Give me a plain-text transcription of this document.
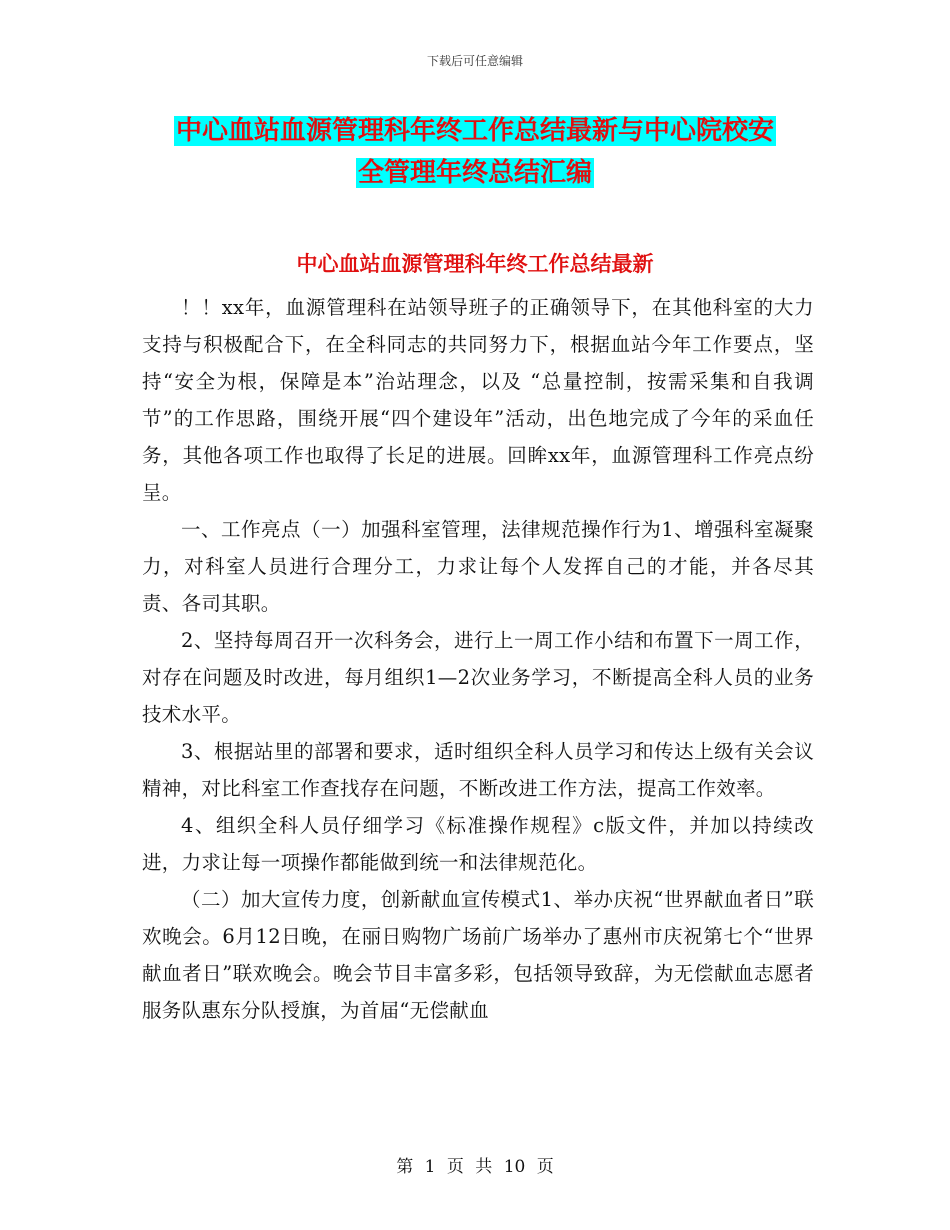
下载后可任意编辑
中心血站血源管理科年终工作总结最新与中心院校安
全管理年终总结汇编
中心血站血源管理科年终工作总结最新

！！xx年，血源管理科在站领导班子的正确领导下，在其他科室的大力支持与积极配合下，在全科同志的共同努力下，根据血站今年工作要点，坚持“安全为根，保障是本”治站理念，以及 “总量控制，按需采集和自我调节”的工作思路，围绕开展“四个建设年”活动，出色地完成了今年的采血任务，其他各项工作也取得了长足的进展。回眸xx年，血源管理科工作亮点纷呈。

一、工作亮点（一）加强科室管理，法律规范操作行为1、增强科室凝聚力，对科室人员进行合理分工，力求让每个人发挥自己的才能，并各尽其责、各司其职。

2、坚持每周召开一次科务会，进行上一周工作小结和布置下一周工作，对存在问题及时改进，每月组织1—2次业务学习，不断提高全科人员的业务技术水平。

3、根据站里的部署和要求，适时组织全科人员学习和传达上级有关会议精神，对比科室工作查找存在问题，不断改进工作方法，提高工作效率。

4、组织全科人员仔细学习《标准操作规程》c版文件，并加以持续改进，力求让每一项操作都能做到统一和法律规范化。

（二）加大宣传力度，创新献血宣传模式1、举办庆祝“世界献血者日”联欢晚会。6月12日晚，在丽日购物广场前广场举办了惠州市庆祝第七个“世界献血者日”联欢晚会。晚会节目丰富多彩，包括领导致辞，为无偿献血志愿者服务队惠东分队授旗，为首届“无偿献血

第 1 页 共 10 页
